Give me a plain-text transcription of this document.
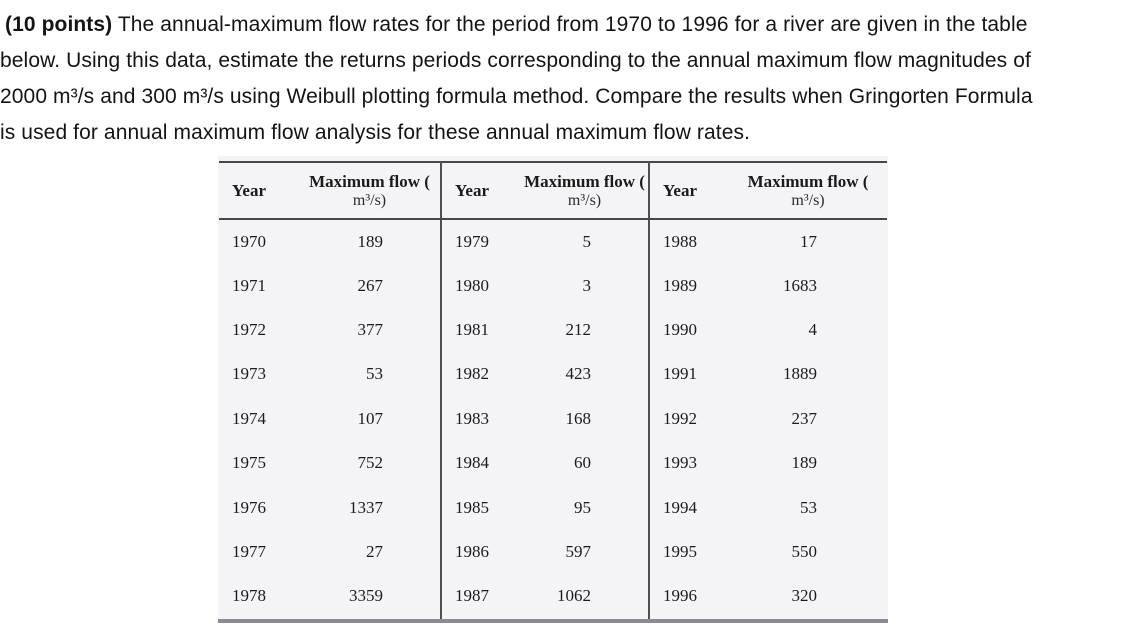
(10 points) The annual-maximum flow rates for the period from 1970 to 1996 for a river are given in the table
below. Using this data, estimate the returns periods corresponding to the annual maximum flow magnitudes of
2000 m³/s and 300 m³/s using Weibull plotting formula method. Compare the results when Gringorten Formula
is used for annual maximum flow analysis for these annual maximum flow rates.
Year	Maximum flow (
m³/s)	Year	Maximum flow (
m³/s)	Year	Maximum flow (
m³/s)

1970	189	1979	5	1988	17
1971	267	1980	3	1989	1683
1972	377	1981	212	1990	4
1973	53	1982	423	1991	1889
1974	107	1983	168	1992	237
1975	752	1984	60	1993	189
1976	1337	1985	95	1994	53
1977	27	1986	597	1995	550
1978	3359	1987	1062	1996	320
